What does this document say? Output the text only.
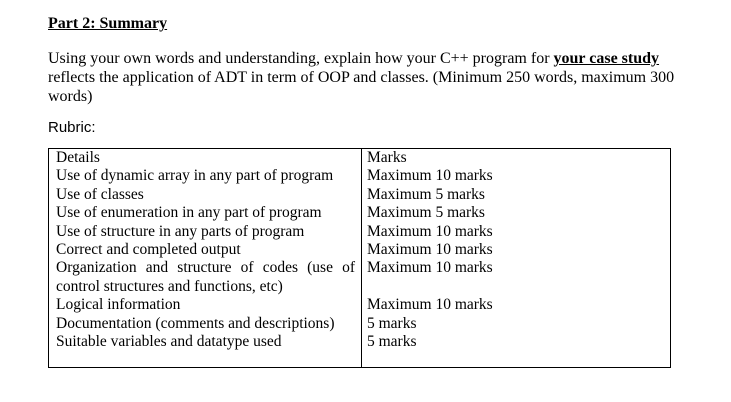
Part 2: Summary
Using your own words and understanding, explain how your C++ program for your case study
reflects the application of ADT in term of OOP and classes. (Minimum 250 words, maximum 300
words)
Rubric:
Details
Use of dynamic array in any part of program
Use of classes
Use of enumeration in any part of program
Use of structure in any parts of program
Correct and completed output
Organization and structure of codes (use of
control structures and functions, etc)
Logical information
Documentation (comments and descriptions)
Suitable variables and datatype used
Marks
Maximum 10 marks
Maximum 5 marks
Maximum 5 marks
Maximum 10 marks
Maximum 10 marks
Maximum 10 marks

Maximum 10 marks
5 marks
5 marks
